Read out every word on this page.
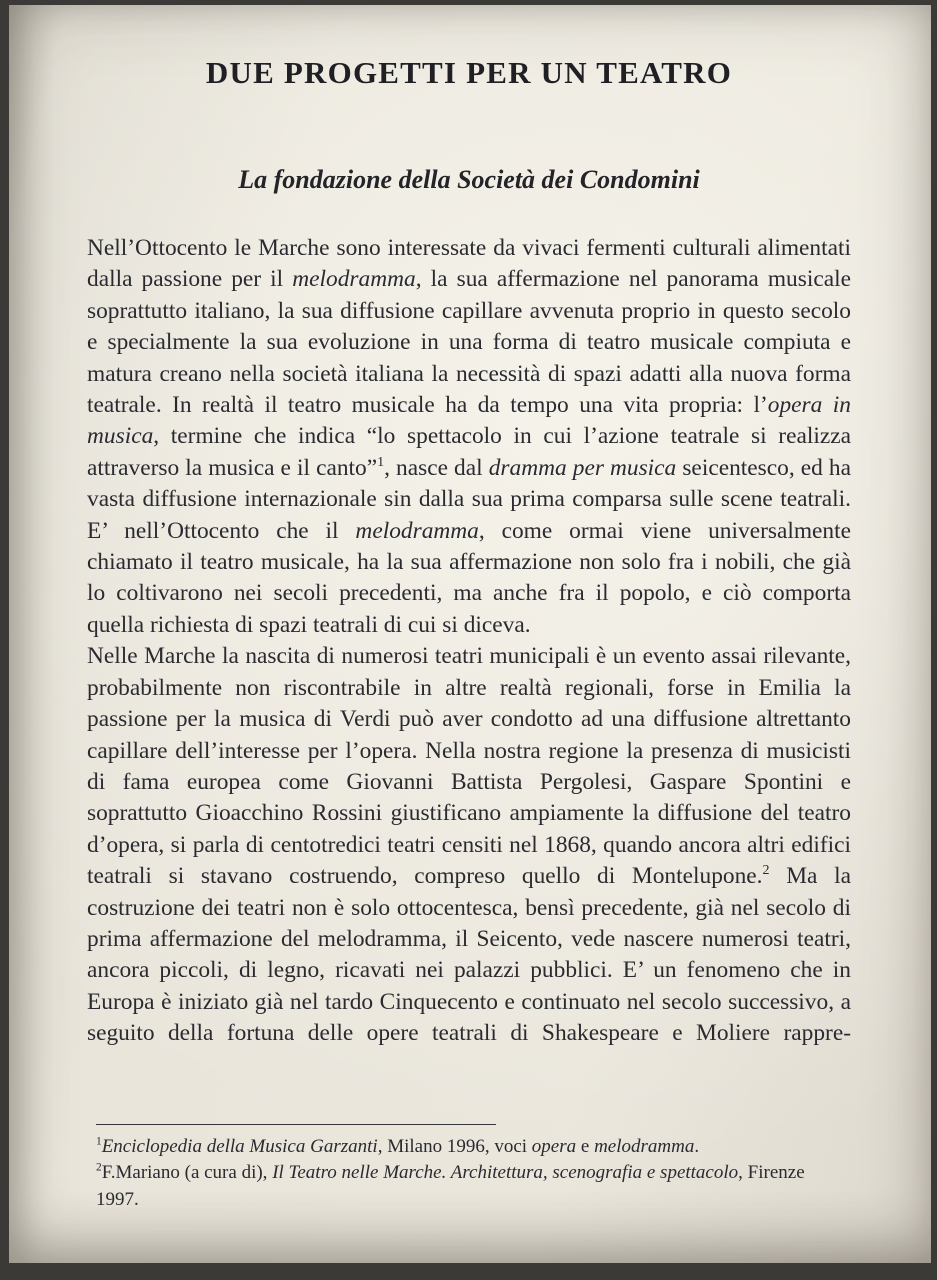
DUE PROGETTI PER UN TEATRO
La fondazione della Società dei Condomini

Nell’Ottocento le Marche sono interessate da vivaci fermenti culturali alimentati dalla passione per il melodramma, la sua affermazione nel panorama musicale soprattutto italiano, la sua diffusione capillare avvenuta proprio in questo secolo e specialmente la sua evoluzione in una forma di teatro musicale compiuta e matura creano nella società italiana la necessità di spazi adatti alla nuova forma teatrale. In realtà il teatro musicale ha da tempo una vita propria: l’opera in musica, termine che indica “lo spettacolo in cui l’azione teatrale si realizza attraverso la musica e il canto”$^1$, nasce dal dramma per musica seicentesco, ed ha vasta diffusione internazionale sin dalla sua prima comparsa sulle scene teatrali. E’ nell’Ottocento che il melodramma, come ormai viene universalmente chiamato il teatro musicale, ha la sua affermazione non solo fra i nobili, che già lo coltivarono nei secoli precedenti, ma anche fra il popolo, e ciò comporta quella richiesta di spazi teatrali di cui si diceva.

Nelle Marche la nascita di numerosi teatri municipali è un evento assai rilevante, probabilmente non riscontrabile in altre realtà regionali, forse in Emilia la passione per la musica di Verdi può aver condotto ad una diffusione altrettanto capillare dell’interesse per l’opera. Nella nostra regione la presenza di musicisti di fama europea come Giovanni Battista Pergolesi, Gaspare Spontini e soprattutto Gioacchino Rossini giustificano ampiamente la diffusione del teatro d’opera, si parla di centotredici teatri censiti nel 1868, quando ancora altri edifici teatrali si stavano costruendo, compreso quello di Montelupone.$^2$ Ma la costruzione dei teatri non è solo ottocentesca, bensì precedente, già nel secolo di prima affermazione del melodramma, il Seicento, vede nascere numerosi teatri, ancora piccoli, di legno, ricavati nei palazzi pubblici. E’ un fenomeno che in Europa è iniziato già nel tardo Cinquecento e continuato nel secolo successivo, a seguito della fortuna delle opere teatrali di Shakespeare e Moliere rappre-

$^1$Enciclopedia della Musica Garzanti, Milano 1996, voci opera e melodramma.

$^2$F.Mariano (a cura di), Il Teatro nelle Marche. Architettura, scenografia e spettacolo, Firenze 1997.
